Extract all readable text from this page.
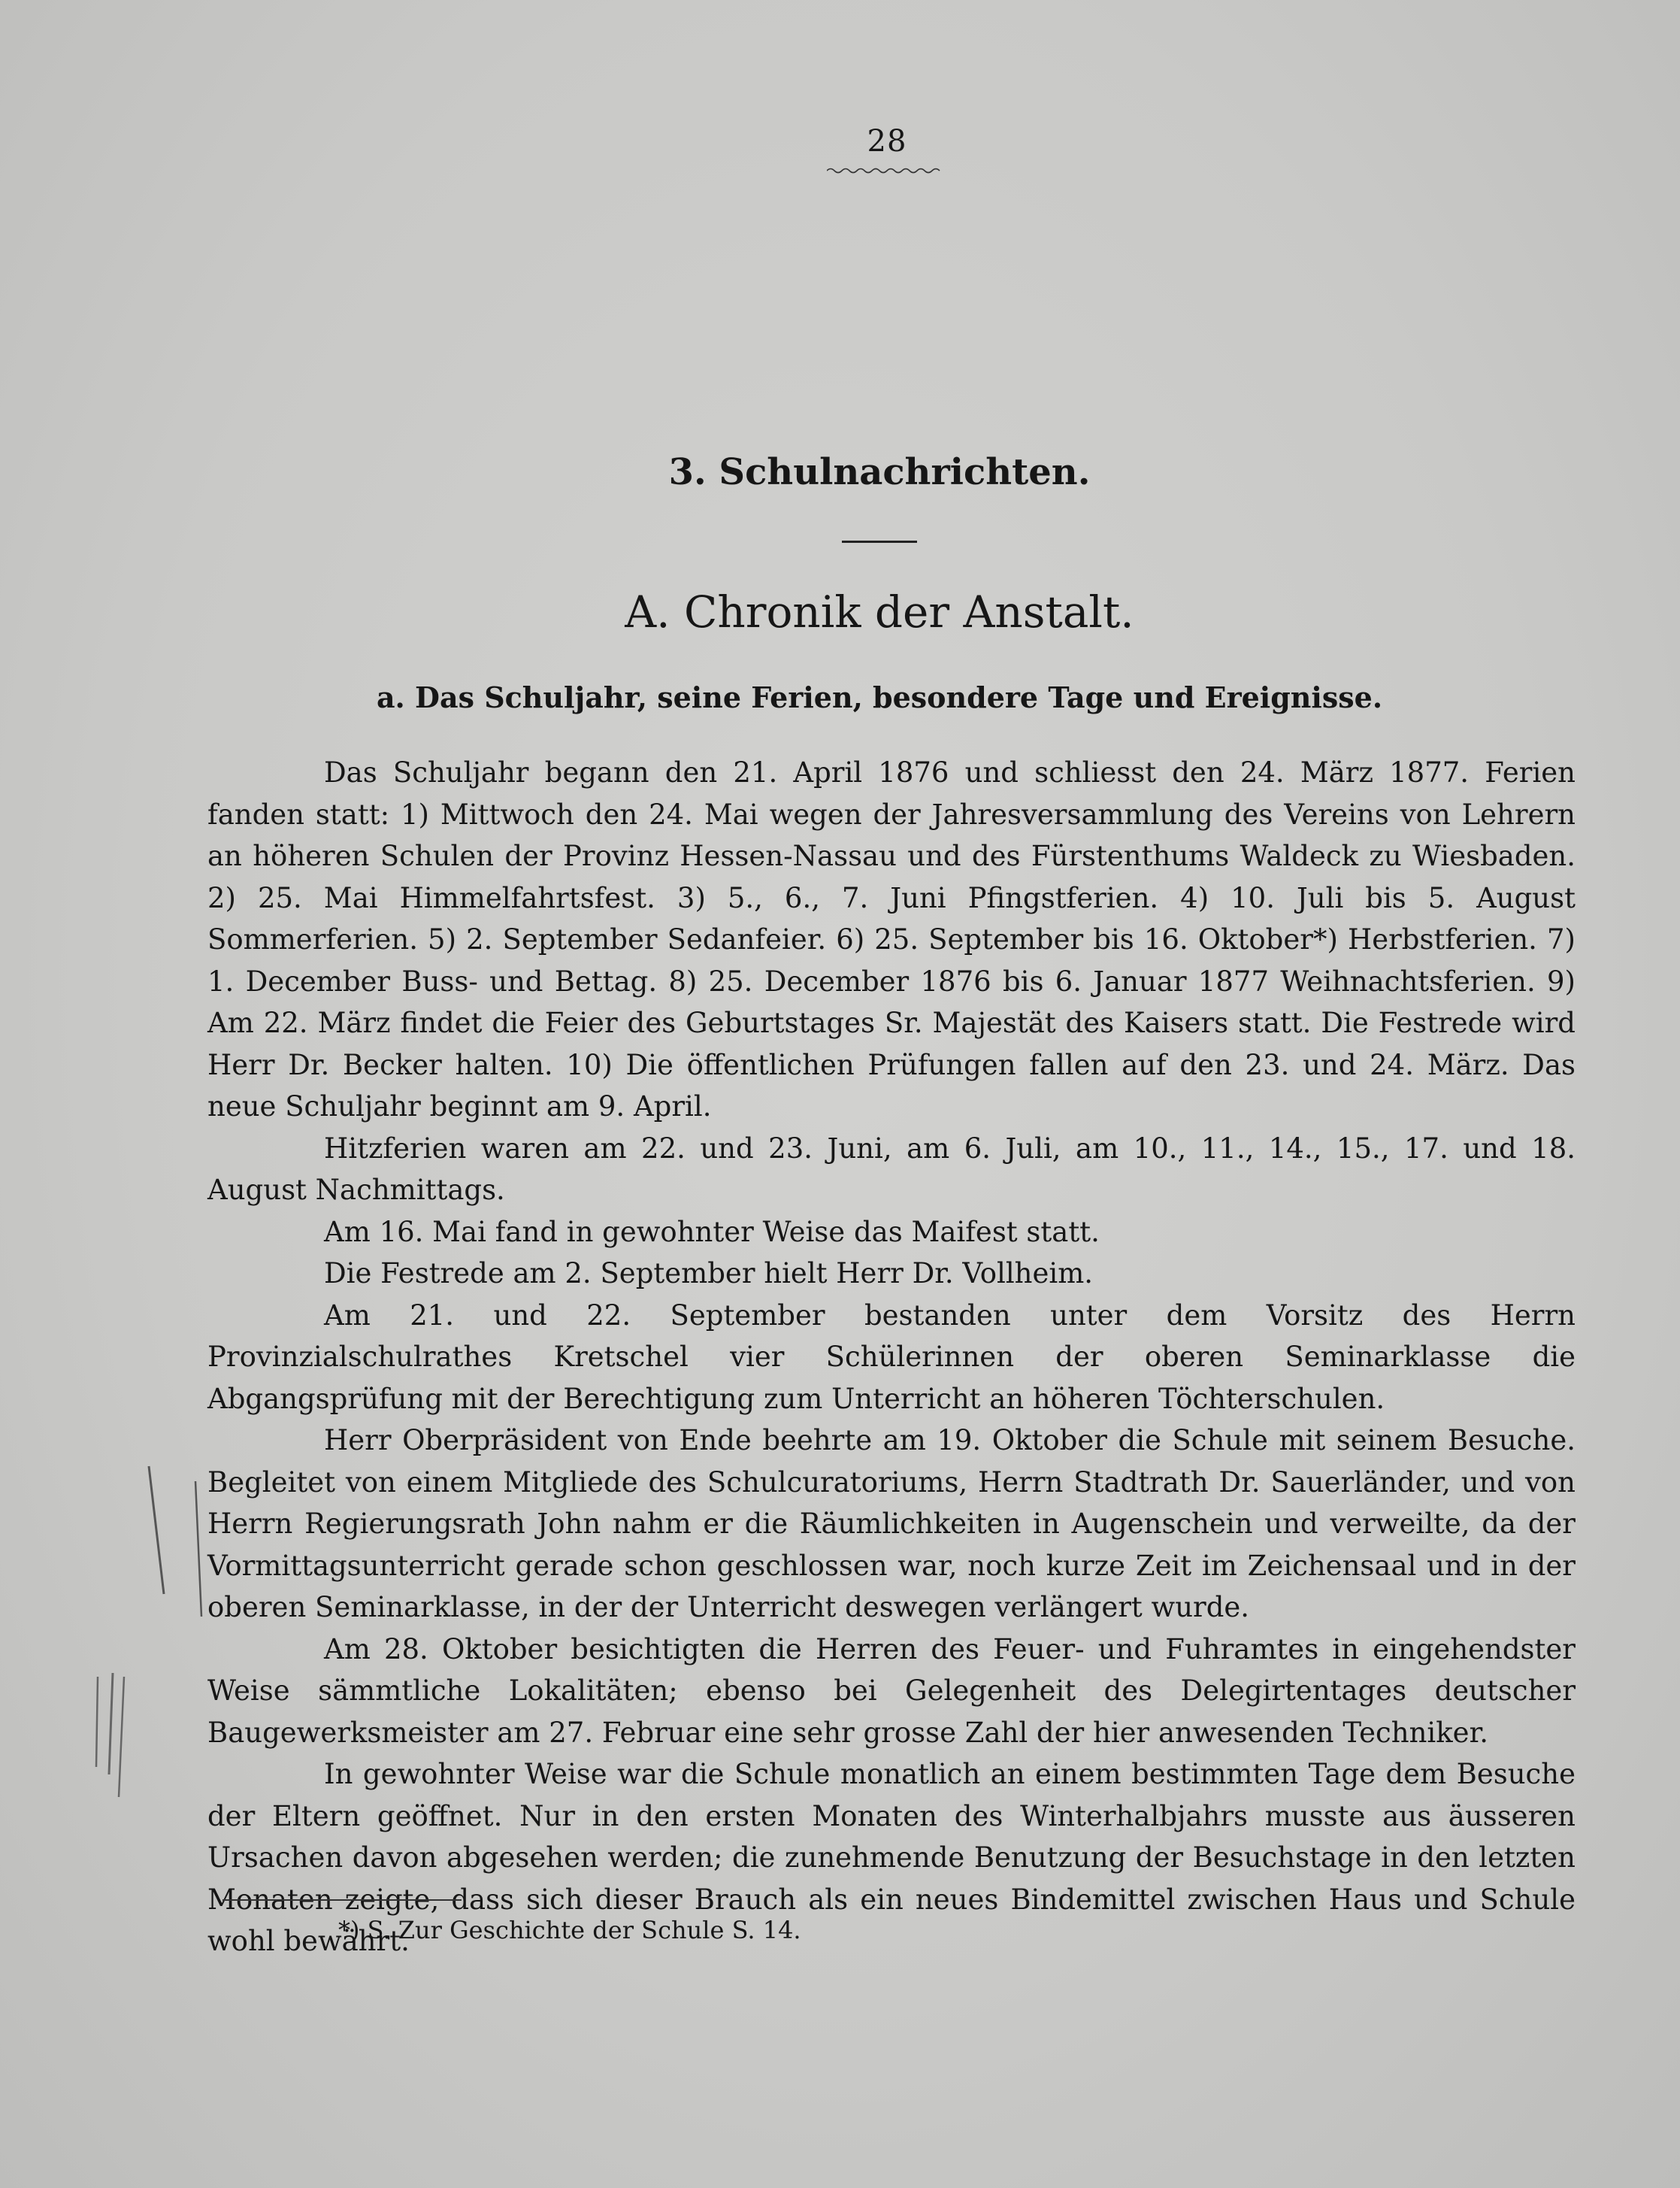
28
3. Schulnachrichten.
A. Chronik der Anstalt.
a. Das Schuljahr, seine Ferien, besondere Tage und Ereignisse.

Das Schuljahr begann den 21. April 1876 und schliesst den 24. März 1877. Ferien fanden statt: 1) Mittwoch den 24. Mai wegen der Jahresversammlung des Vereins von Lehrern an höheren Schulen der Provinz Hessen-Nassau und des Fürstenthums Waldeck zu Wiesbaden. 2) 25. Mai Himmelfahrtsfest. 3) 5., 6., 7. Juni Pfingstferien. 4) 10. Juli bis 5. August Sommerferien. 5) 2. September Sedanfeier. 6) 25. September bis 16. Oktober*) Herbstferien. 7) 1. December Buss- und Bettag. 8) 25. December 1876 bis 6. Januar 1877 Weihnachtsferien. 9) Am 22. März findet die Feier des Geburtstages Sr. Majestät des Kaisers statt. Die Festrede wird Herr Dr. Becker halten. 10) Die öffentlichen Prüfungen fallen auf den 23. und 24. März. Das neue Schuljahr beginnt am 9. April.

Hitzferien waren am 22. und 23. Juni, am 6. Juli, am 10., 11., 14., 15., 17. und 18. August Nachmittags.

Am 16. Mai fand in gewohnter Weise das Maifest statt.

Die Festrede am 2. September hielt Herr Dr. Vollheim.

Am 21. und 22. September bestanden unter dem Vorsitz des Herrn Provinzialschulrathes Kretschel vier Schülerinnen der oberen Seminarklasse die Abgangsprüfung mit der Berechtigung zum Unterricht an höheren Töchterschulen.

Herr Oberpräsident von Ende beehrte am 19. Oktober die Schule mit seinem Besuche. Begleitet von einem Mitgliede des Schulcuratoriums, Herrn Stadtrath Dr. Sauerländer, und von Herrn Regierungsrath John nahm er die Räumlichkeiten in Augenschein und verweilte, da der Vormittagsunterricht gerade schon geschlossen war, noch kurze Zeit im Zeichensaal und in der oberen Seminarklasse, in der der Unterricht deswegen verlängert wurde.

Am 28. Oktober besichtigten die Herren des Feuer- und Fuhramtes in eingehendster Weise sämmtliche Lokalitäten; ebenso bei Gelegenheit des Delegirtentages deutscher Baugewerksmeister am 27. Februar eine sehr grosse Zahl der hier anwesenden Techniker.

In gewohnter Weise war die Schule monatlich an einem bestimmten Tage dem Besuche der Eltern geöffnet. Nur in den ersten Monaten des Winterhalbjahrs musste aus äusseren Ursachen davon abgesehen werden; die zunehmende Benutzung der Besuchstage in den letzten Monaten zeigte, dass sich dieser Brauch als ein neues Bindemittel zwischen Haus und Schule wohl bewährt.

*) S. Zur Geschichte der Schule S. 14.
